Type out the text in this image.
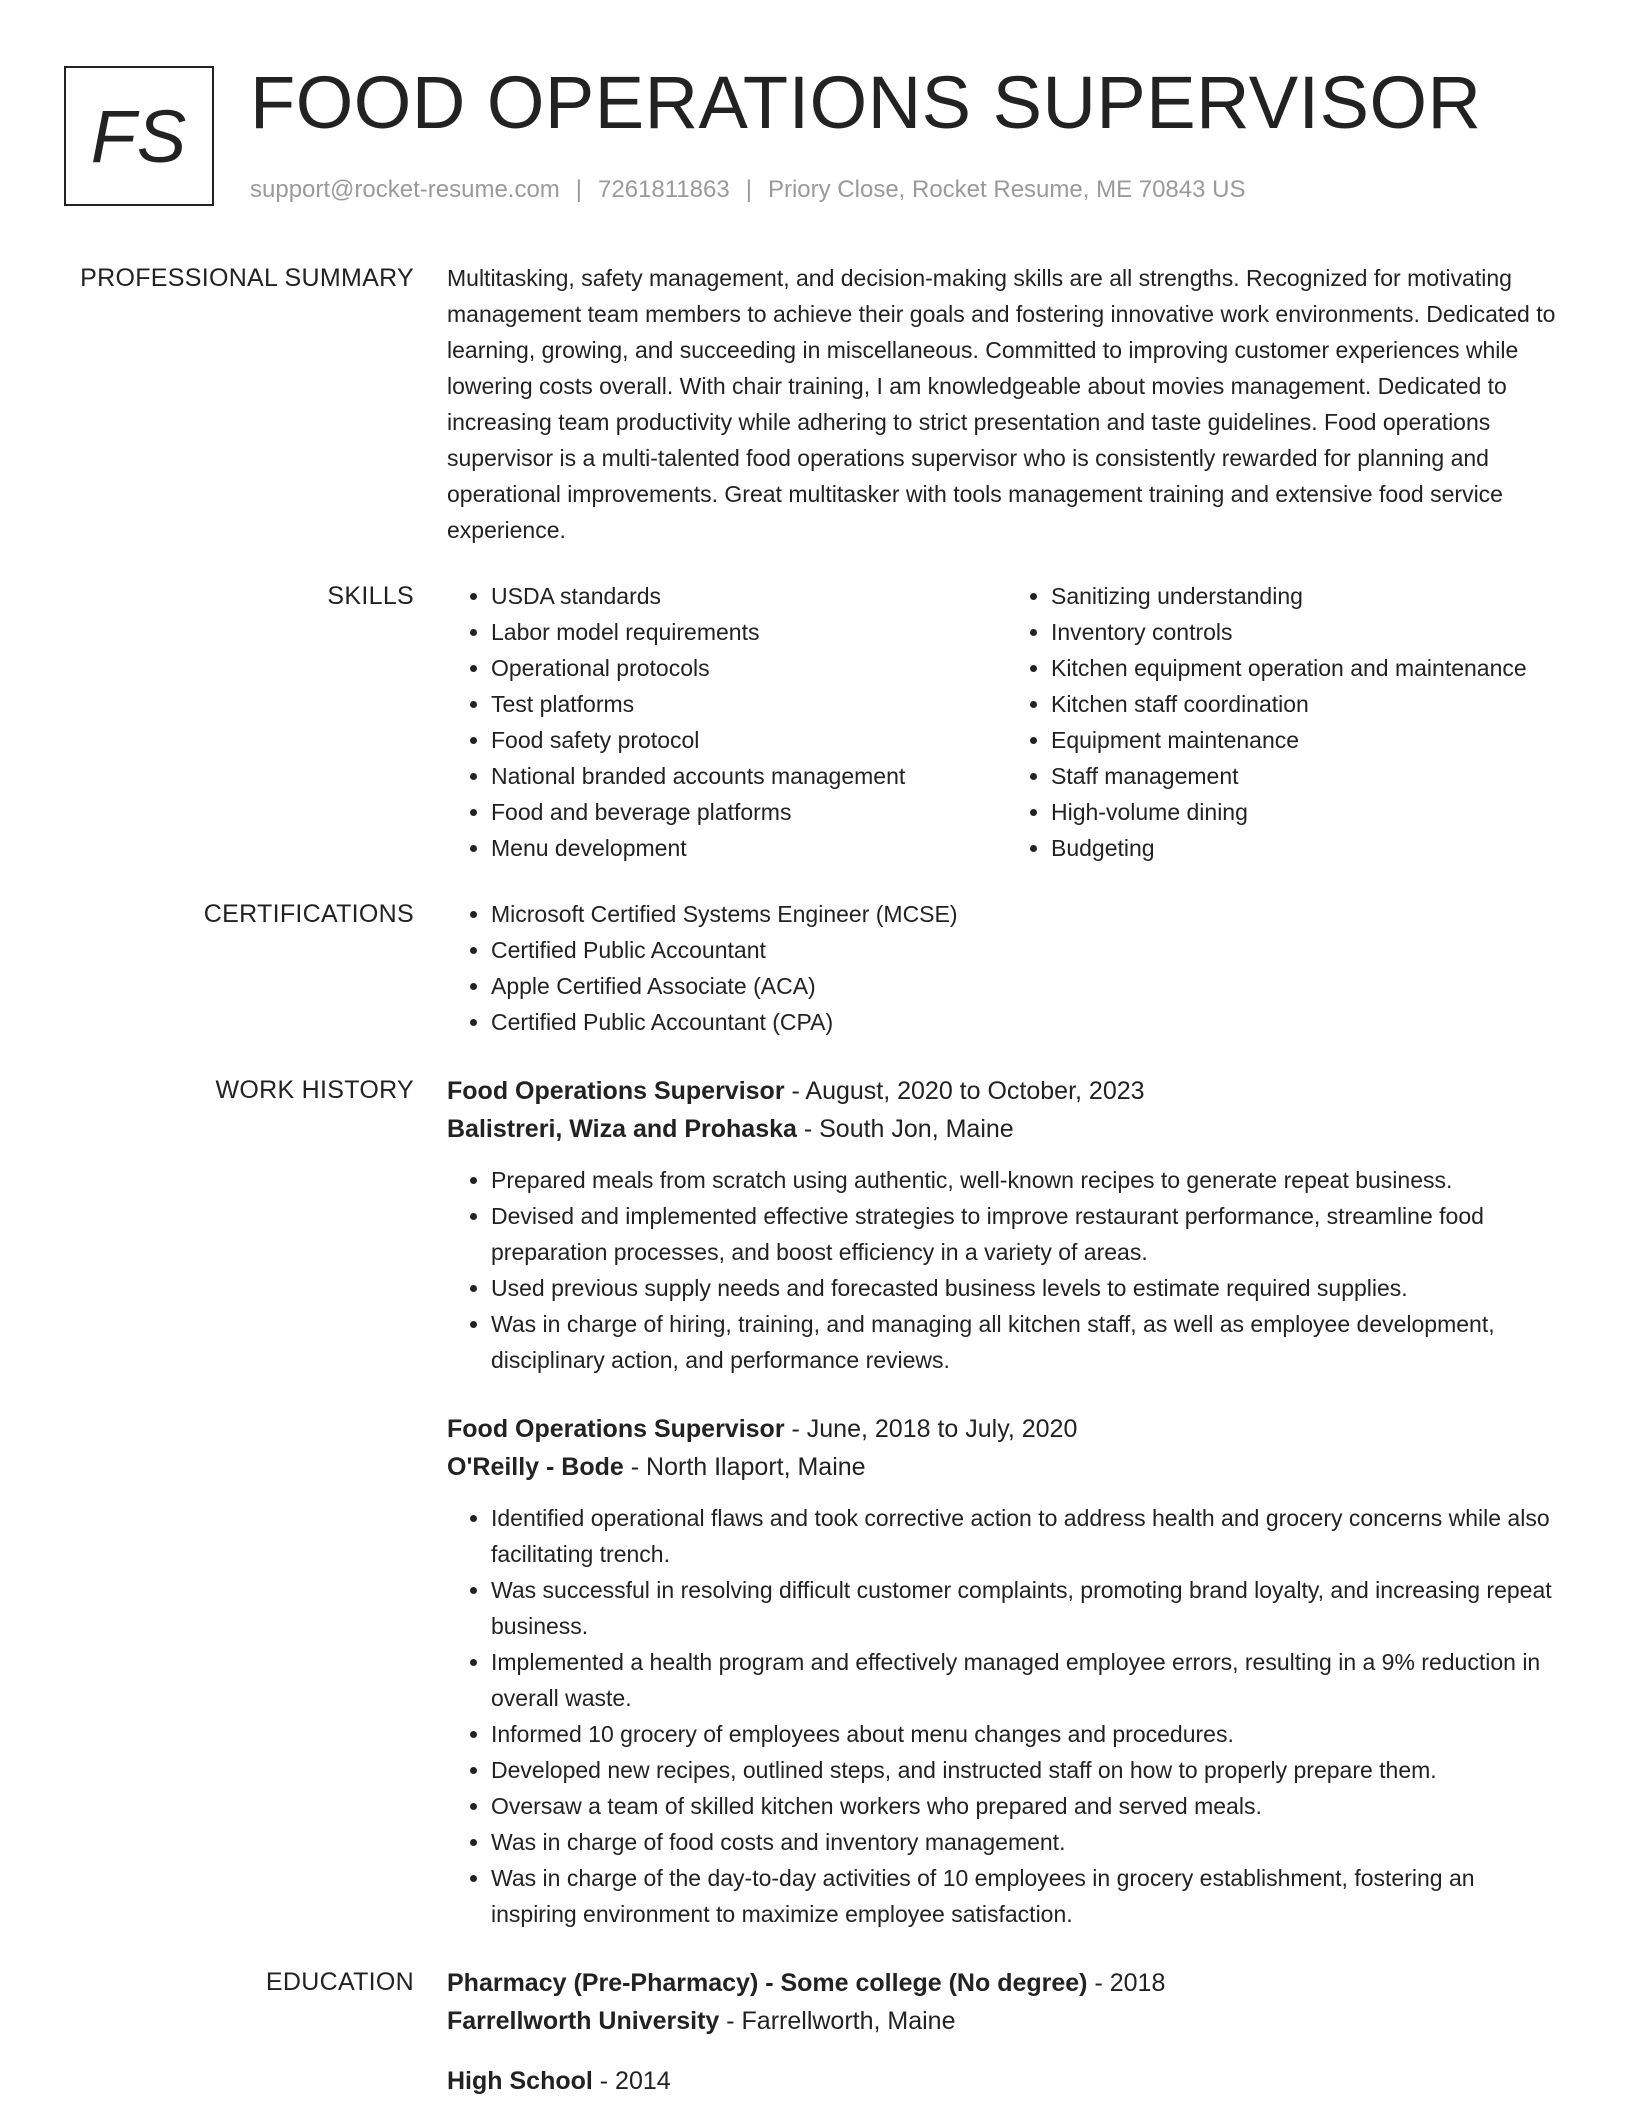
FS FOOD OPERATIONS SUPERVISOR
support@rocket-resume.com | 7261811863 | Priory Close, Rocket Resume, ME 70843 US
PROFESSIONAL SUMMARY Multitasking, safety management, and decision-making skills are all strengths. Recognized for motivating management team members to achieve their goals and fostering innovative work environments. Dedicated to learning, growing, and succeeding in miscellaneous. Committed to improving customer experiences while lowering costs overall. With chair training, I am knowledgeable about movies management. Dedicated to increasing team productivity while adhering to strict presentation and taste guidelines. Food operations supervisor is a multi-talented food operations supervisor who is consistently rewarded for planning and operational improvements. Great multitasker with tools management training and extensive food service experience.

SKILLS	• USDA standards
• Labor model requirements
• Operational protocols
• Test platforms
• Food safety protocol
• National branded accounts management
• Food and beverage platforms
• Menu development
• Sanitizing understanding
• Inventory controls
• Kitchen equipment operation and maintenance
• Kitchen staff coordination
• Equipment maintenance
• Staff management
• High-volume dining
• Budgeting
CERTIFICATIONS	• Microsoft Certified Systems Engineer (MCSE)
• Certified Public Accountant
• Apple Certified Associate (ACA)
• Certified Public Accountant (CPA)
WORK HISTORY Food Operations Supervisor - August, 2020 to October, 2023
Balistreri, Wiza and Prohaska - South Jon, Maine
• Prepared meals from scratch using authentic, well-known recipes to generate repeat business.
• Devised and implemented effective strategies to improve restaurant performance, streamline food preparation processes, and boost efficiency in a variety of areas.
• Used previous supply needs and forecasted business levels to estimate required supplies.
• Was in charge of hiring, training, and managing all kitchen staff, as well as employee development, disciplinary action, and performance reviews.
Food Operations Supervisor - June, 2018 to July, 2020
O'Reilly - Bode - North Ilaport, Maine
• Identified operational flaws and took corrective action to address health and grocery concerns while also facilitating trench.
• Was successful in resolving difficult customer complaints, promoting brand loyalty, and increasing repeat business.
• Implemented a health program and effectively managed employee errors, resulting in a 9% reduction in overall waste.
• Informed 10 grocery of employees about menu changes and procedures.
• Developed new recipes, outlined steps, and instructed staff on how to properly prepare them.
• Oversaw a team of skilled kitchen workers who prepared and served meals.
• Was in charge of food costs and inventory management.
• Was in charge of the day-to-day activities of 10 employees in grocery establishment, fostering an inspiring environment to maximize employee satisfaction.
EDUCATION Pharmacy (Pre-Pharmacy) - Some college (No degree) - 2018
Farrellworth University - Farrellworth, Maine
High School - 2014
